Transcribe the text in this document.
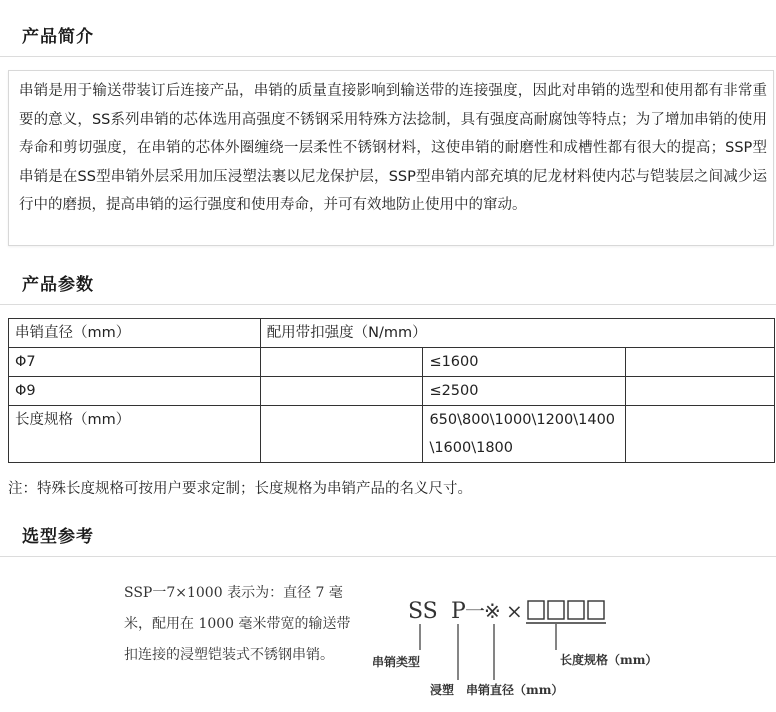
产品简介
串销是用于输送带装订后连接产品，串销的质量直接影响到输送带的连接强度，因此对串销的选型和使用都有非常重要的意义，SS系列串销的芯体选用高强度不锈钢采用特殊方法捻制，具有强度高耐腐蚀等特点；为了增加串销的使用寿命和剪切强度，在串销的芯体外圈缠绕一层柔性不锈钢材料，这使串销的耐磨性和成槽性都有很大的提高；SSP型串销是在SS型串销外层采用加压浸塑法裹以尼龙保护层，SSP型串销内部充填的尼龙材料使内芯与铠装层之间减少运行中的磨损，提高串销的运行强度和使用寿命，并可有效地防止使用中的窜动。
产品参数
串销直径（mm）	配用带扣强度（N/mm）		
Φ7		≤1600	
Φ9		≤2500	
长度规格（mm）		650\800\1000\1200\1400\1600\1800	
注：特殊长度规格可按用户要求定制；长度规格为串销产品的名义尺寸。
选型参考
SSP一7×1000 表示为：直径 7 毫米，配用在 1000 毫米带宽的输送带扣连接的浸塑铠装式不锈钢串销。
SS P 一 ※ ×
串销类型	长度规格（mm）
浸塑 串销直径（mm）
